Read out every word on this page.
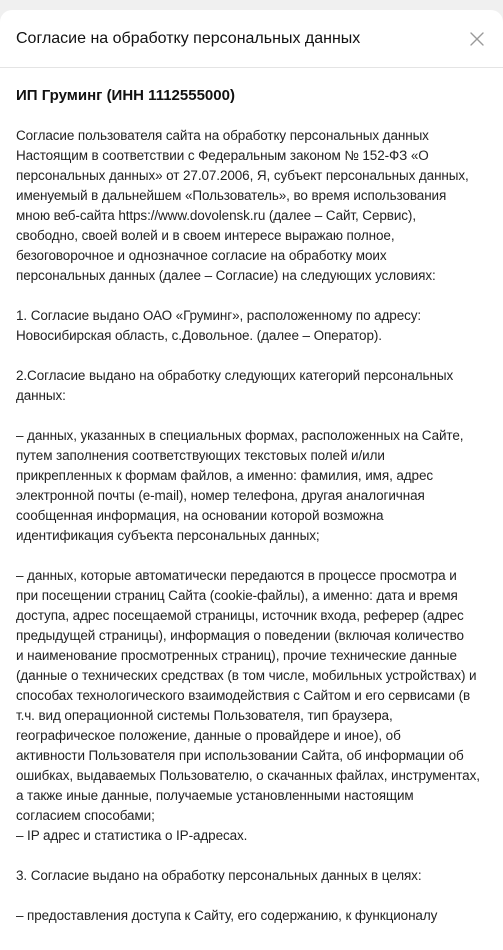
Согласие на обработку персональных данных
ИП Груминг (ИНН 1112555000)
Согласие пользователя сайта на обработку персональных данных
Настоящим в соответствии с Федеральным законом № 152-ФЗ «О
персональных данных» от 27.07.2006, Я, субъект персональных данных,
именуемый в дальнейшем «Пользователь», во время использования
мною веб-сайта https://www.dovolensk.ru (далее – Сайт, Сервис),
свободно, своей волей и в своем интересе выражаю полное,
безоговорочное и однозначное согласие на обработку моих
персональных данных (далее – Согласие) на следующих условиях:
1. Согласие выдано ОАО «Груминг», расположенному по адресу:
Новосибирская область, с.Довольное. (далее – Оператор).
2.Согласие выдано на обработку следующих категорий персональных
данных:
– данных, указанных в специальных формах, расположенных на Сайте,
путем заполнения соответствующих текстовых полей и/или
прикрепленных к формам файлов, а именно: фамилия, имя, адрес
электронной почты (e-mail), номер телефона, другая аналогичная
сообщенная информация, на основании которой возможна
идентификация субъекта персональных данных;
– данных, которые автоматически передаются в процессе просмотра и
при посещении страниц Сайта (cookie-файлы), а именно: дата и время
доступа, адрес посещаемой страницы, источник входа, реферер (адрес
предыдущей страницы), информация о поведении (включая количество
и наименование просмотренных страниц), прочие технические данные
(данные о технических средствах (в том числе, мобильных устройствах) и
способах технологического взаимодействия с Сайтом и его сервисами (в
т.ч. вид операционной системы Пользователя, тип браузера,
географическое положение, данные о провайдере и иное), об
активности Пользователя при использовании Сайта, об информации об
ошибках, выдаваемых Пользователю, о скачанных файлах, инструментах,
а также иные данные, получаемые установленными настоящим
согласием способами;
– IP адрес и статистика о IP-адресах.
3. Согласие выдано на обработку персональных данных в целях:
– предоставления доступа к Сайту, его содержанию, к функционалу
